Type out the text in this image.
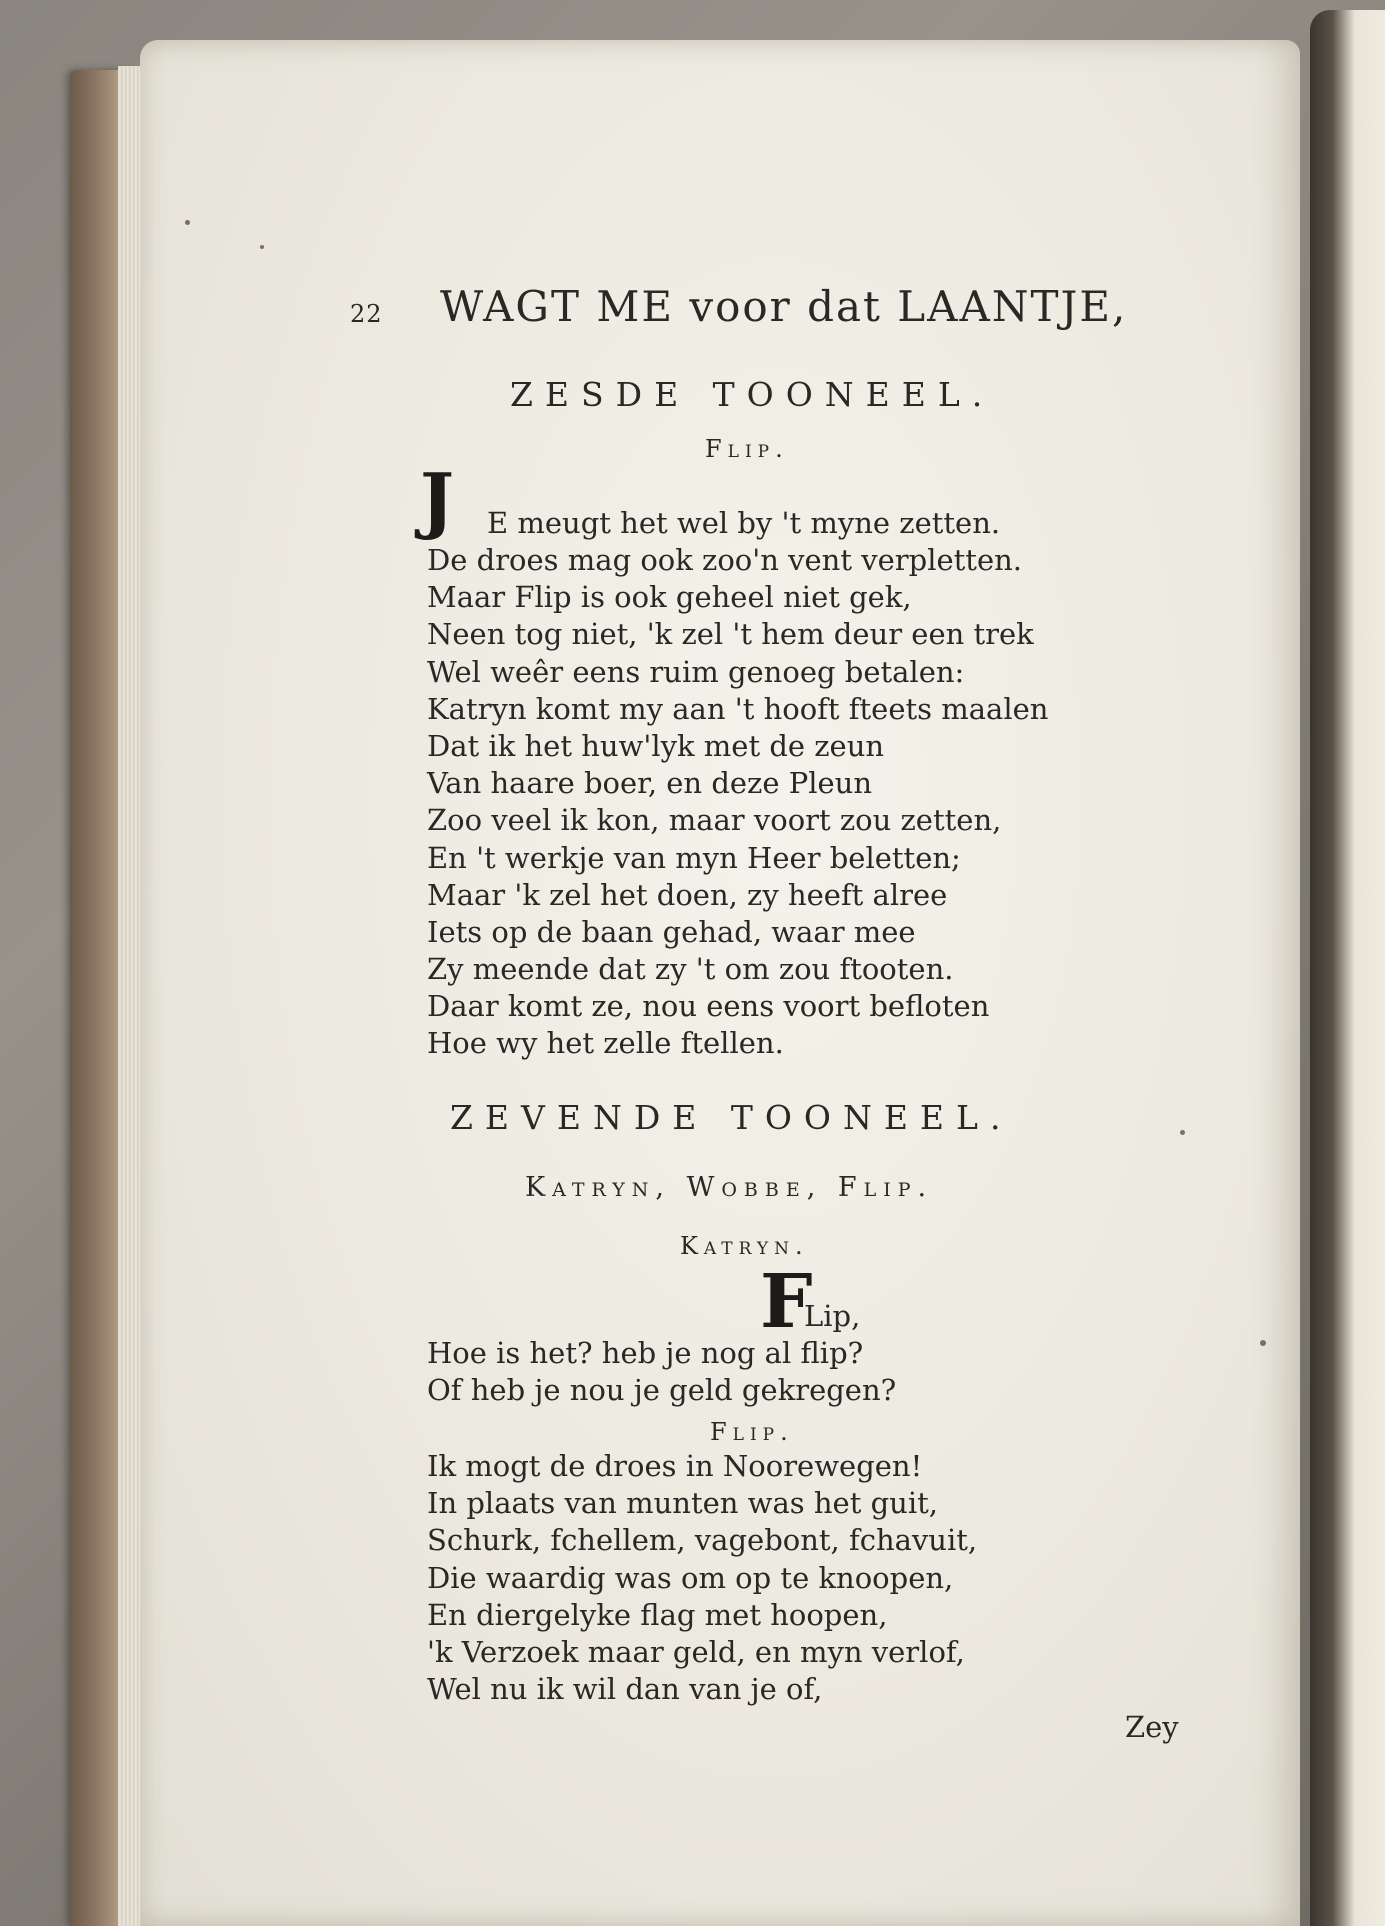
22 WAGT ME voor dat LAANTJE,
ZESDE TOONEEL.
Flip.
J E meugt het wel by 't myne zetten.
De droes mag ook zoo'n vent verpletten.
Maar Flip is ook geheel niet gek,
Neen tog niet, 'k zel 't hem deur een trek
Wel weêr eens ruim genoeg betalen:
Katryn komt my aan 't hooft fteets maalen
Dat ik het huw'lyk met de zeun
Van haare boer, en deze Pleun
Zoo veel ik kon, maar voort zou zetten,
En 't werkje van myn Heer beletten;
Maar 'k zel het doen, zy heeft alree
Iets op de baan gehad, waar mee
Zy meende dat zy 't om zou ftooten.
Daar komt ze, nou eens voort befloten
Hoe wy het zelle ftellen.
ZEVENDE TOONEEL.
Katryn, Wobbe, Flip.
Katryn.
F
Lip,
Hoe is het? heb je nog al flip?
Of heb je nou je geld gekregen?
Flip.
Ik mogt de droes in Noorewegen!
In plaats van munten was het guit,
Schurk, fchellem, vagebont, fchavuit,
Die waardig was om op te knoopen,
En diergelyke flag met hoopen,
'k Verzoek maar geld, en myn verlof,
Wel nu ik wil dan van je of,
Zey
